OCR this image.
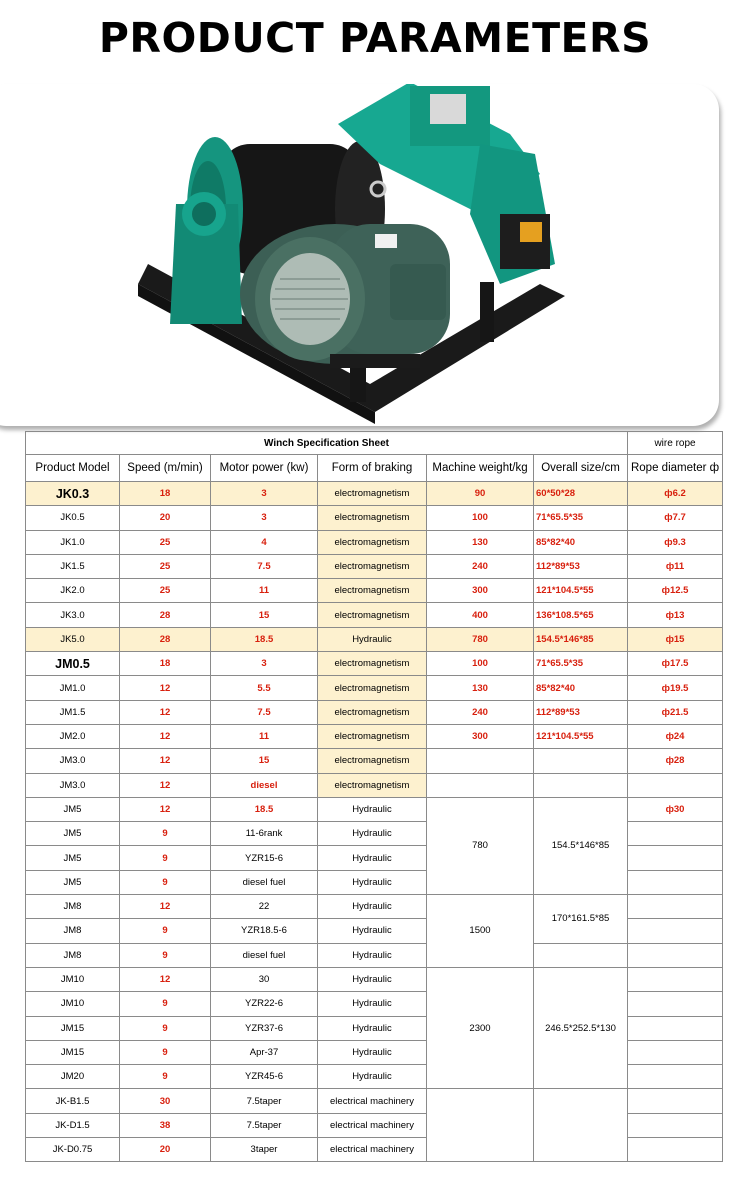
PRODUCT PARAMETERS
Winch Specification Sheet						wire rope
Product Model	Speed (m/min)	Motor power (kw)	Form of braking	Machine weight/kg	Overall size/cm	Rope diameter ф
JK0.3	18	3	electromagnetism	90	60*50*28	ф6.2
JK0.5	20	3	electromagnetism	100	71*65.5*35	ф7.7
JK1.0	25	4	electromagnetism	130	85*82*40	ф9.3
JK1.5	25	7.5	electromagnetism	240	112*89*53	ф11
JK2.0	25	11	electromagnetism	300	121*104.5*55	ф12.5
JK3.0	28	15	electromagnetism	400	136*108.5*65	ф13
JK5.0	28	18.5	Hydraulic	780	154.5*146*85	ф15
JM0.5	18	3	electromagnetism	100	71*65.5*35	ф17.5
JM1.0	12	5.5	electromagnetism	130	85*82*40	ф19.5
JM1.5	12	7.5	electromagnetism	240	112*89*53	ф21.5
JM2.0	12	11	electromagnetism	300	121*104.5*55	ф24
JM3.0	12	15	electromagnetism			ф28
JM3.0	12	diesel	electromagnetism			
JM5	12	18.5	Hydraulic	780	154.5*146*85	ф30
JM5	9	11-6rank	Hydraulic			
JM5	9	YZR15-6	Hydraulic			
JM5	9	diesel fuel	Hydraulic			
JM8	12	22	Hydraulic	1500	170*161.5*85	
JM8	9	YZR18.5-6	Hydraulic			
JM8	9	diesel fuel	Hydraulic			
JM10	12	30	Hydraulic	2300	246.5*252.5*130	
JM10	9	YZR22-6	Hydraulic			
JM15	9	YZR37-6	Hydraulic			
JM15	9	Apr-37	Hydraulic			
JM20	9	YZR45-6	Hydraulic			
JK-B1.5	30	7.5taper	electrical machinery			
JK-D1.5	38	7.5taper	electrical machinery			
JK-D0.75	20	3taper	electrical machinery			
